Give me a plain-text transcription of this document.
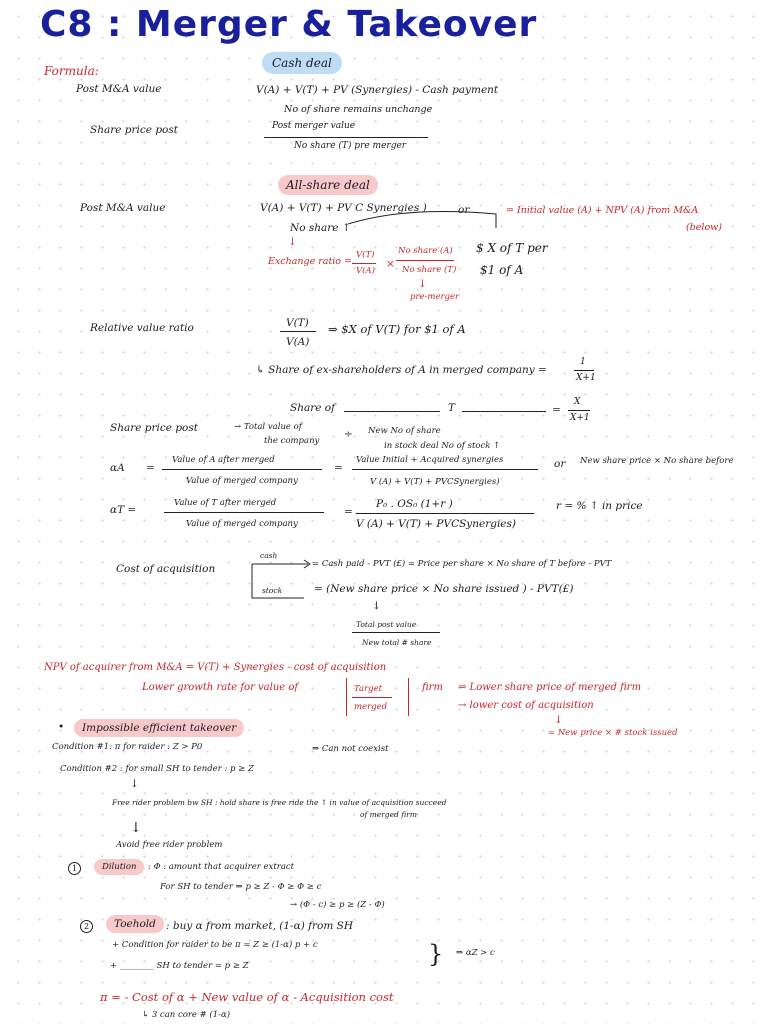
C8 : Merger & Takeover
Formula:
Cash deal
Post M&A value	V(A) + V(T) + PV (Synergies) - Cash payment
No of share remains unchange
Share price post	Post merger value
No share (T) pre merger
All-share deal
Post M&A value	V(A) + V(T) + PV C Synergies )	or	= Initial value (A) + NPV (A) from M&A
(below)
No share ↑
↓
Exchange ratio =
V(T)
V(A)
×
No share (A)
No share (T)
↓
pre-merger
$ X of T per
$1 of A
Relative value ratio	V(T)
V(A)
⇒ $X of V(T) for $1 of A
↳ Share of ex-shareholders of A in merged company =
1
X+1
Share of	T	=
X
X+1
Share price post	→ Total value of
the company
÷ New No of share
in stock deal No of stock ↑
αA =
Value of A after merged
Value of merged company
=
Value Initial + Acquired synergies
V (A) + V(T) + PVCSynergies)
or New share price × No share before
αT =
Value of T after merged
Value of merged company
=
P₀ . OS₀ (1+r )
V (A) + V(T) + PVCSynergies)
r = % ↑ in price
Cost of acquisition
cash
= Cash paid - PVT (£) = Price per share × No share of T before - PVT
stock	= (New share price × No share issued ) - PVT(£)
↓
Total post value
New total # share
NPV of acquirer from M&A = V(T) + Synergies - cost of acquisition
Lower growth rate for value of	Target
merged
firm ⇒ Lower share price of merged firm
→ lower cost of acquisition
↓
= New price × # stock issued
•	Impossible efficient takeover
Condition #1: π for raider : Z > P0	⇒ Can not coexist
Condition #2 : for small SH to tender : p ≥ Z
↓
Free rider problem bw SH : hold share is free ride the ↑ in value of acquisition succeed
of merged firm
↓
Avoid free rider problem
1	Dilution	: Φ : amount that acquirer extract
For SH to tender ⇒ p ≥ Z - Φ ≥ Φ ≥ c
→ (Φ - c) ≥ p ≥ (Z - Φ)
2	Toehold : buy α from market, (1-α) from SH
+ Condition for raider to be π = Z ≥ (1-α) p + c
+ ________ SH to tender = p ≥ Z	} ⇒ αZ > c
π = - Cost of α + New value of α - Acquisition cost
↳ 3 can core # (1-α)
